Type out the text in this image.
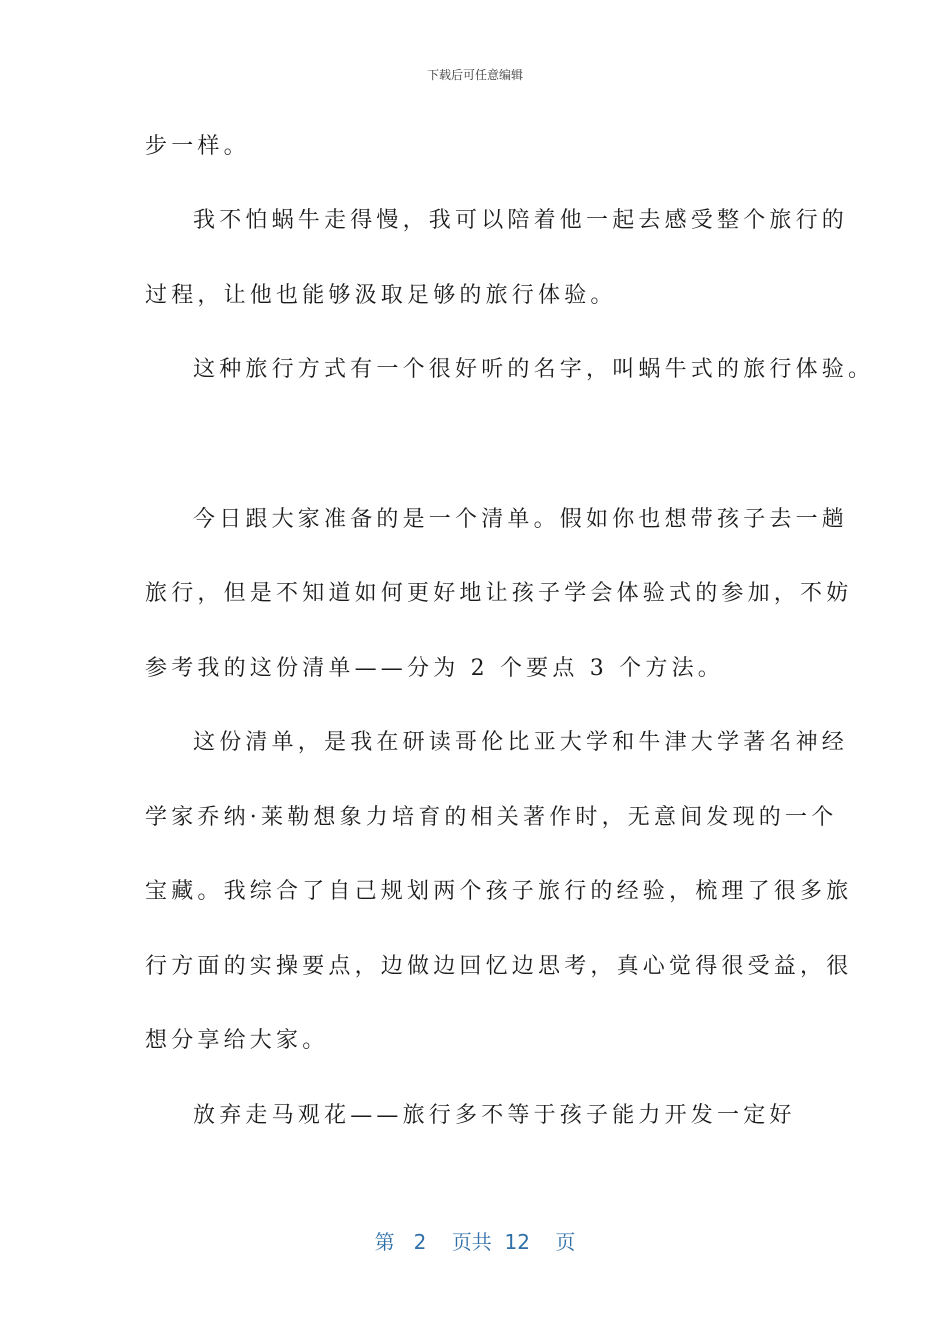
下载后可任意编辑
步一样。
我不怕蜗牛走得慢，我可以陪着他一起去感受整个旅行的
过程，让他也能够汲取足够的旅行体验。
这种旅行方式有一个很好听的名字，叫蜗牛式的旅行体验。
今日跟大家准备的是一个清单。假如你也想带孩子去一趟
旅行，但是不知道如何更好地让孩子学会体验式的参加，不妨
参考我的这份清单——分为 2 个要点 3 个方法。
这份清单，是我在研读哥伦比亚大学和牛津大学著名神经
学家乔纳·莱勒想象力培育的相关著作时，无意间发现的一个
宝藏。我综合了自己规划两个孩子旅行的经验，梳理了很多旅
行方面的实操要点，边做边回忆边思考，真心觉得很受益，很
想分享给大家。
放弃走马观花——旅行多不等于孩子能力开发一定好
第 2 页共 12 页
